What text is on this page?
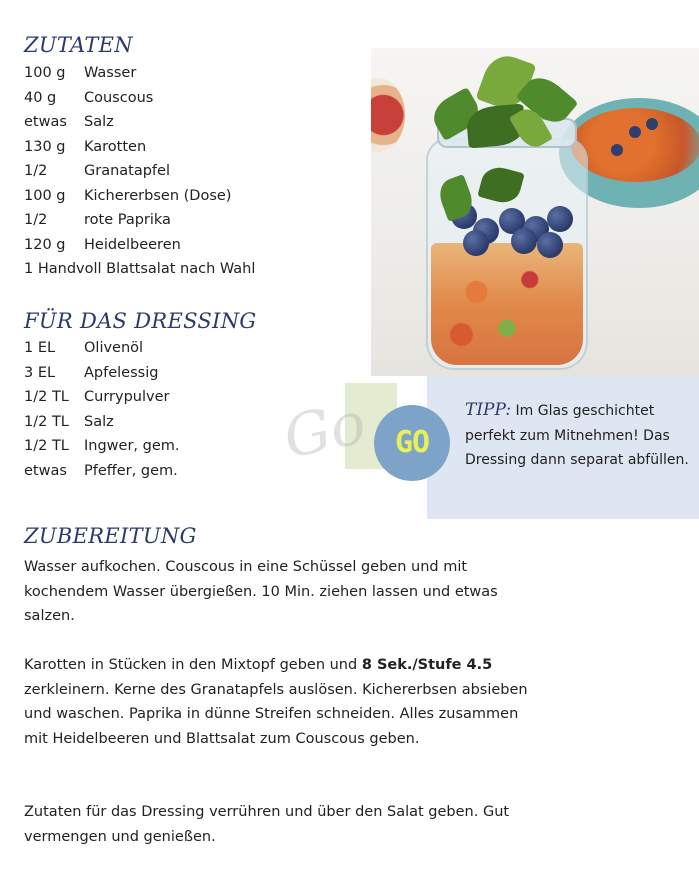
ZUTATEN
100 g Wasser
40 g Couscous
etwas Salz
130 g Karotten
1/2	Granatapfel
100 g Kichererbsen (Dose)
1/2	rote Paprika
120 g Heidelbeeren
1 Handvoll Blattsalat nach Wahl
FÜR DAS DRESSING
1 EL Olivenöl
3 EL Apfelessig
1/2 TL Currypulver
1/2 TL Salz
1/2 TL Ingwer, gem.
etwas Pfeffer, gem. Go GO
TIPP: Im Glas geschichtet perfekt zum Mitnehmen! Das Dressing dann separat abfüllen.
ZUBEREITUNG

Wasser aufkochen. Couscous in eine Schüssel geben und mit kochendem Wasser übergießen. 10 Min. ziehen lassen und etwas salzen.

Karotten in Stücken in den Mixtopf geben und 8 Sek./Stufe 4.5 zerkleinern. Kerne des Granatapfels auslösen. Kichererbsen absieben und waschen. Paprika in dünne Streifen schneiden. Alles zusammen mit Heidelbeeren und Blattsalat zum Couscous geben.

Zutaten für das Dressing verrühren und über den Salat geben. Gut vermengen und genießen.
